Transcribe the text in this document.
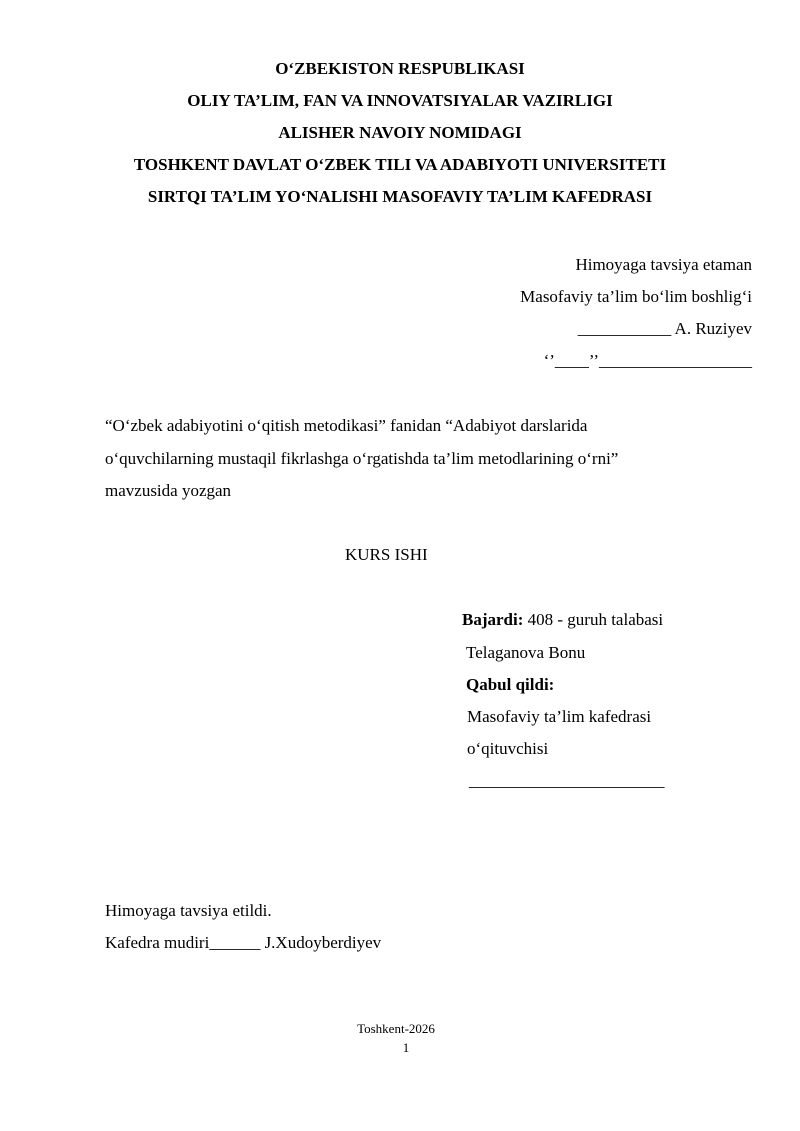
O‘ZBEKISTON RESPUBLIKASI
OLIY TA’LIM, FAN VA INNOVATSIYALAR VAZIRLIGI
ALISHER NAVOIY NOMIDAGI
TOSHKENT DAVLAT O‘ZBEK TILI VA ADABIYOTI UNIVERSITETI
SIRTQI TA’LIM YO‘NALISHI MASOFAVIY TA’LIM KAFEDRASI
Himoyaga tavsiya etaman
Masofaviy ta’lim bo‘lim boshlig‘i
___________ A. Ruziyev
‘’____’’__________________
“O‘zbek adabiyotini o‘qitish metodikasi” fanidan “Adabiyot darslarida
o‘quvchilarning mustaqil fikrlashga o‘rgatishda ta’lim metodlarining o‘rni”
mavzusida yozgan
KURS ISHI
Bajardi: 408 - guruh talabasi
Telaganova Bonu
Qabul qildi:
Masofaviy ta’lim kafedrasi
o‘qituvchisi
_______________________
Himoyaga tavsiya etildi.
Kafedra mudiri______ J.Xudoyberdiyev
Toshkent-2026
1
